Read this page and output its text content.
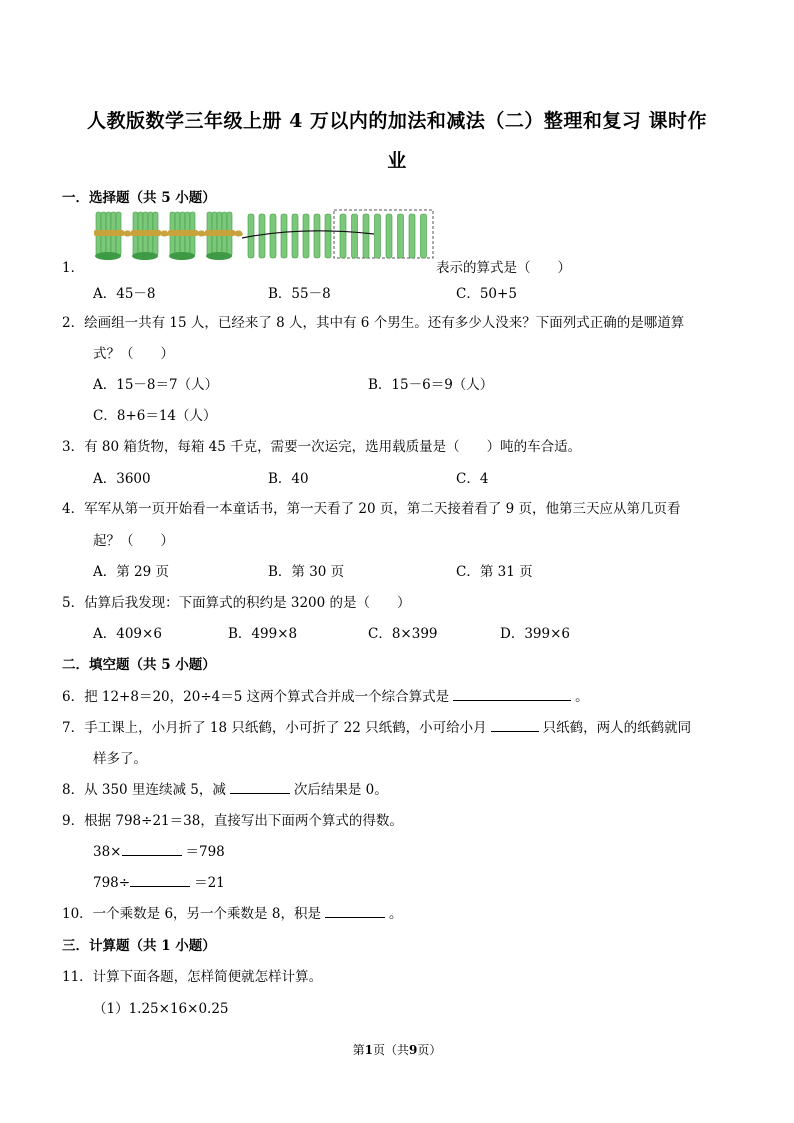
人教版数学三年级上册 4 万以内的加法和减法（二）整理和复习 课时作
业
一．选择题（共 5 小题）
1．	表示的算式是（　　）
A．45－8	B．55－8	C．50+5
2．绘画组一共有 15 人，已经来了 8 人，其中有 6 个男生。还有多少人没来？下面列式正确的是哪道算
式？（　　）
A．15－8＝7（人）	B．15－6＝9（人）
C．8+6＝14（人）
3．有 80 箱货物，每箱 45 千克，需要一次运完，选用载质量是（　　）吨的车合适。
A．3600	B．40	C．4
4．军军从第一页开始看一本童话书，第一天看了 20 页，第二天接着看了 9 页，他第三天应从第几页看
起？（　　）
A．第 29 页	B．第 30 页	C．第 31 页
5．估算后我发现：下面算式的积约是 3200 的是（　　）
A．409×6	B．499×8	C．8×399	D．399×6
二．填空题（共 5 小题）
6．把 12+8＝20，20÷4＝5 这两个算式合并成一个综合算式是	。
7．手工课上，小月折了 18 只纸鹤，小可折了 22 只纸鹤，小可给小月	只纸鹤，两人的纸鹤就同
样多了。
8．从 350 里连续减 5，减	次后结果是 0。
9．根据 798÷21＝38，直接写出下面两个算式的得数。
38×	＝798
798÷	＝21
10．一个乘数是 6，另一个乘数是 8，积是	。
三．计算题（共 1 小题）
11．计算下面各题，怎样简便就怎样计算。
（1）1.25×16×0.25
第1页（共9页）
